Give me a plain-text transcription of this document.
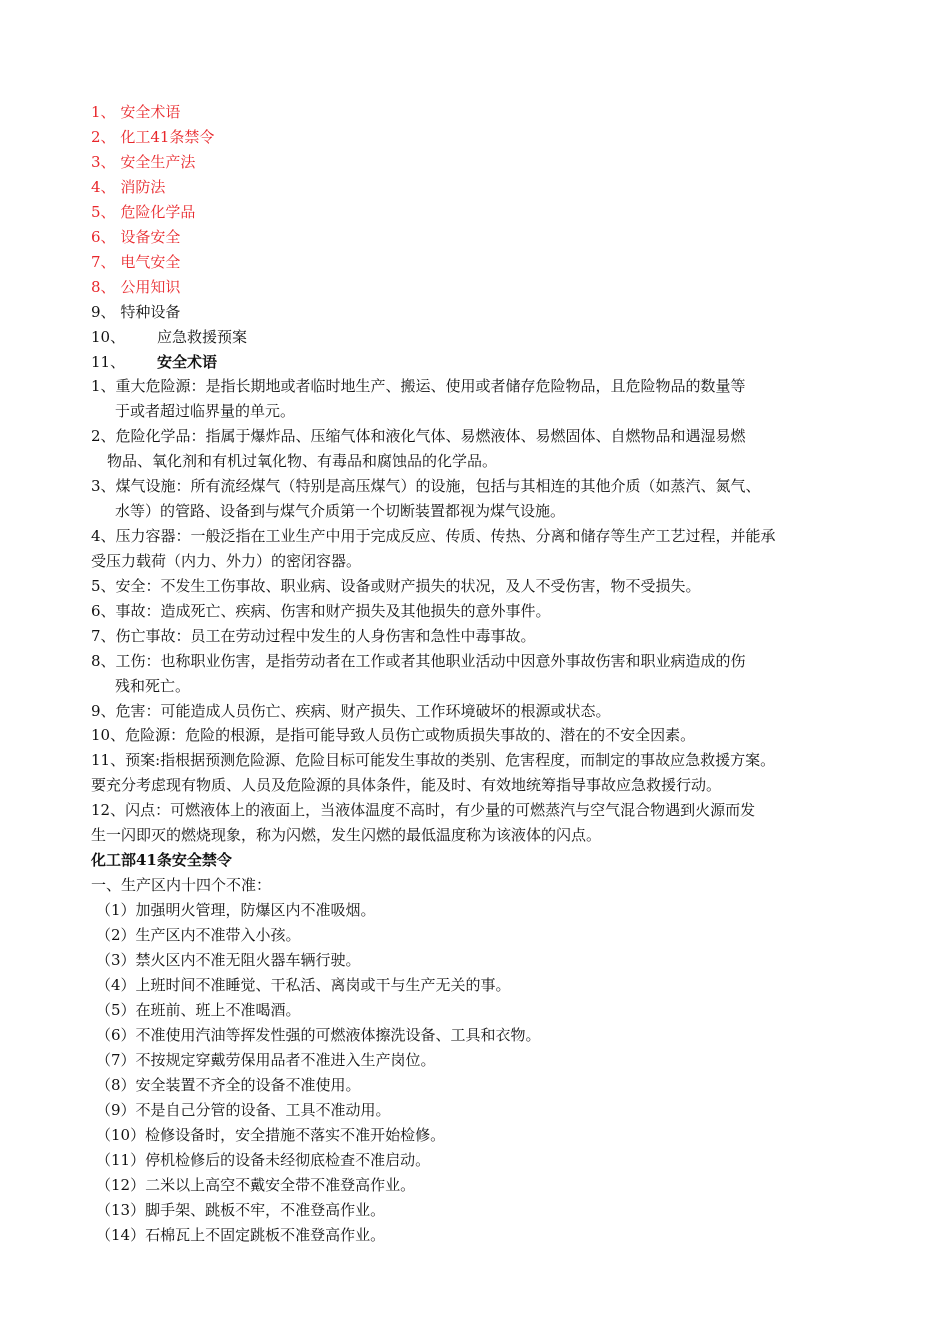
1、 安全术语
2、 化工41条禁令
3、 安全生产法
4、 消防法
5、 危险化学品
6、 设备安全
7、 电气安全
8、 公用知识
9、 特种设备
10、 应急救援预案
11、 安全术语
1、重大危险源：是指长期地或者临时地生产、搬运、使用或者储存危险物品，且危险物品的数量等
于或者超过临界量的单元。
2、危险化学品：指属于爆炸品、压缩气体和液化气体、易燃液体、易燃固体、自燃物品和遇湿易燃
物品、氧化剂和有机过氧化物、有毒品和腐蚀品的化学品。
3、煤气设施：所有流经煤气（特别是高压煤气）的设施，包括与其相连的其他介质（如蒸汽、氮气、
水等）的管路、设备到与煤气介质第一个切断装置都视为煤气设施。
4、压力容器：一般泛指在工业生产中用于完成反应、传质、传热、分离和储存等生产工艺过程，并能承
受压力载荷（内力、外力）的密闭容器。
5、安全：不发生工伤事故、职业病、设备或财产损失的状况，及人不受伤害，物不受损失。
6、事故：造成死亡、疾病、伤害和财产损失及其他损失的意外事件。
7、伤亡事故：员工在劳动过程中发生的人身伤害和急性中毒事故。
8、工伤：也称职业伤害，是指劳动者在工作或者其他职业活动中因意外事故伤害和职业病造成的伤
残和死亡。
9、危害：可能造成人员伤亡、疾病、财产损失、工作环境破坏的根源或状态。
10、危险源：危险的根源，是指可能导致人员伤亡或物质损失事故的、潜在的不安全因素。
11、预案:指根据预测危险源、危险目标可能发生事故的类别、危害程度，而制定的事故应急救援方案。
要充分考虑现有物质、人员及危险源的具体条件，能及时、有效地统筹指导事故应急救援行动。
12、闪点：可燃液体上的液面上，当液体温度不高时，有少量的可燃蒸汽与空气混合物遇到火源而发
生一闪即灭的燃烧现象，称为闪燃，发生闪燃的最低温度称为该液体的闪点。
化工部41条安全禁令
一、生产区内十四个不准：
（1）加强明火管理，防爆区内不准吸烟。
（2）生产区内不准带入小孩。
（3）禁火区内不准无阻火器车辆行驶。
（4）上班时间不准睡觉、干私活、离岗或干与生产无关的事。
（5）在班前、班上不准喝酒。
（6）不准使用汽油等挥发性强的可燃液体擦洗设备、工具和衣物。
（7）不按规定穿戴劳保用品者不准进入生产岗位。
（8）安全装置不齐全的设备不准使用。
（9）不是自己分管的设备、工具不准动用。
（10）检修设备时，安全措施不落实不准开始检修。
（11）停机检修后的设备未经彻底检查不准启动。
（12）二米以上高空不戴安全带不准登高作业。
（13）脚手架、跳板不牢，不准登高作业。
（14）石棉瓦上不固定跳板不准登高作业。
